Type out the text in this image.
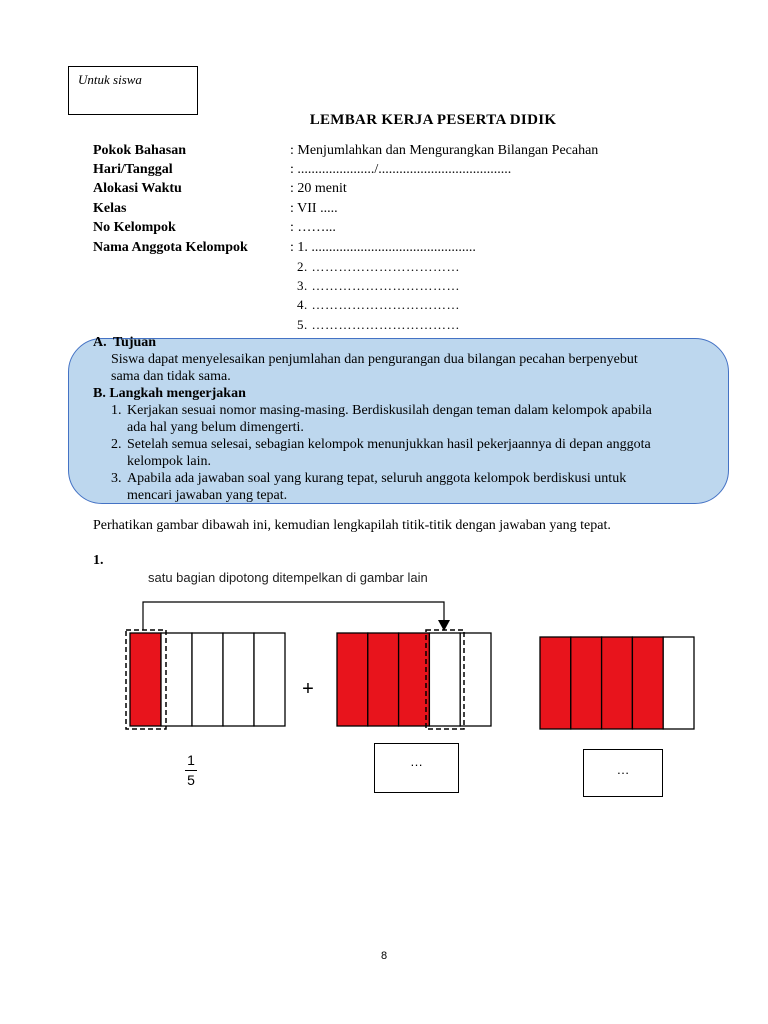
Untuk siswa
LEMBAR KERJA PESERTA DIDIK
Pokok Bahasan	: Menjumlahkan dan Mengurangkan Bilangan Pecahan
Hari/Tanggal	: ....................../......................................
Alokasi Waktu	: 20 menit
Kelas	: VII .....
No Kelompok	: ……...
Nama Anggota Kelompok	: 1. ...............................................
2. ……………………………
3. ……………………………
4. ……………………………
5. ……………………………
A. Tujuan
Siswa dapat menyelesaikan penjumlahan dan pengurangan dua bilangan pecahan berpenyebut
sama dan tidak sama.
B. Langkah mengerjakan
1. Kerjakan sesuai nomor masing-masing. Berdiskusilah dengan teman dalam kelompok apabila
ada hal yang belum dimengerti.
2. Setelah semua selesai, sebagian kelompok menunjukkan hasil pekerjaannya di depan anggota
kelompok lain.
3. Apabila ada jawaban soal yang kurang tepat, seluruh anggota kelompok berdiskusi untuk
mencari jawaban yang tepat.
Perhatikan gambar dibawah ini, kemudian lengkapilah titik-titik dengan jawaban yang tepat.
1.
satu bagian dipotong ditempelkan di gambar lain
+
1
5
…
…
8
